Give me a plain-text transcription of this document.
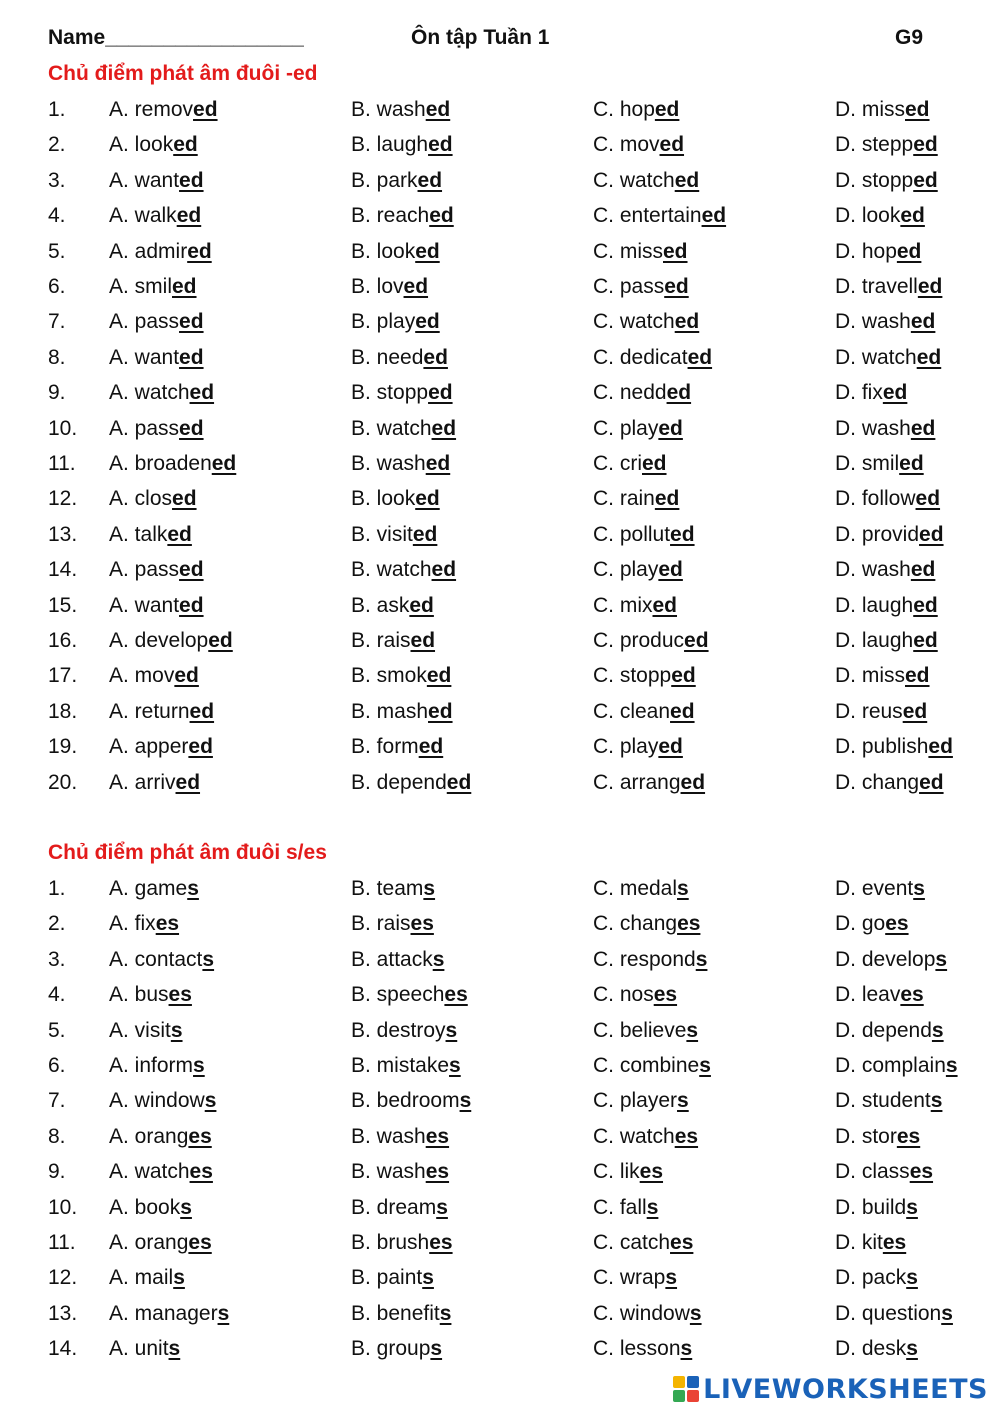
Name_________________	Ôn tập Tuần 1	G9
Chủ điểm phát âm đuôi -ed
1. A. removed	B. washed	C. hoped	D. missed
2. A. looked	B. laughed	C. moved	D. stepped
3. A. wanted	B. parked	C. watched	D. stopped
4. A. walked	B. reached	C. entertained	D. looked
5. A. admired	B. looked	C. missed	D. hoped
6. A. smiled	B. loved	C. passed	D. travelled
7. A. passed	B. played	C. watched	D. washed
8. A. wanted	B. needed	C. dedicated	D. watched
9. A. watched	B. stopped	C. nedded	D. fixed
10. A. passed	B. watched	C. played	D. washed
11. A. broadened	B. washed	C. cried	D. smiled
12. A. closed	B. looked	C. rained	D. followed
13. A. talked	B. visited	C. polluted	D. provided
14. A. passed	B. watched	C. played	D. washed
15. A. wanted	B. asked	C. mixed	D. laughed
16. A. developed	B. raised	C. produced	D. laughed
17. A. moved	B. smoked	C. stopped	D. missed
18. A. returned	B. mashed	C. cleaned	D. reused
19. A. appered	B. formed	C. played	D. published
20. A. arrived	B. depended	C. arranged	D. changed
Chủ điểm phát âm đuôi s/es
1. A. games	B. teams	C. medals	D. events
2. A. fixes	B. raises	C. changes	D. goes
3. A. contacts	B. attacks	C. responds	D. develops
4. A. buses	B. speeches	C. noses	D. leaves
5. A. visits	B. destroys	C. believes	D. depends
6. A. informs	B. mistakes	C. combines	D. complains
7. A. windows	B. bedrooms	C. players	D. students
8. A. oranges	B. washes	C. watches	D. stores
9. A. watches	B. washes	C. likes	D. classes
10. A. books	B. dreams	C. falls	D. builds
11. A. oranges	B. brushes	C. catches	D. kites
12. A. mails	B. paints	C. wraps	D. packs
13. A. managers	B. benefits	C. windows	D. questions
14. A. units	B. groups	C. lessons	D. desks
LIVEWORKSHEETS
